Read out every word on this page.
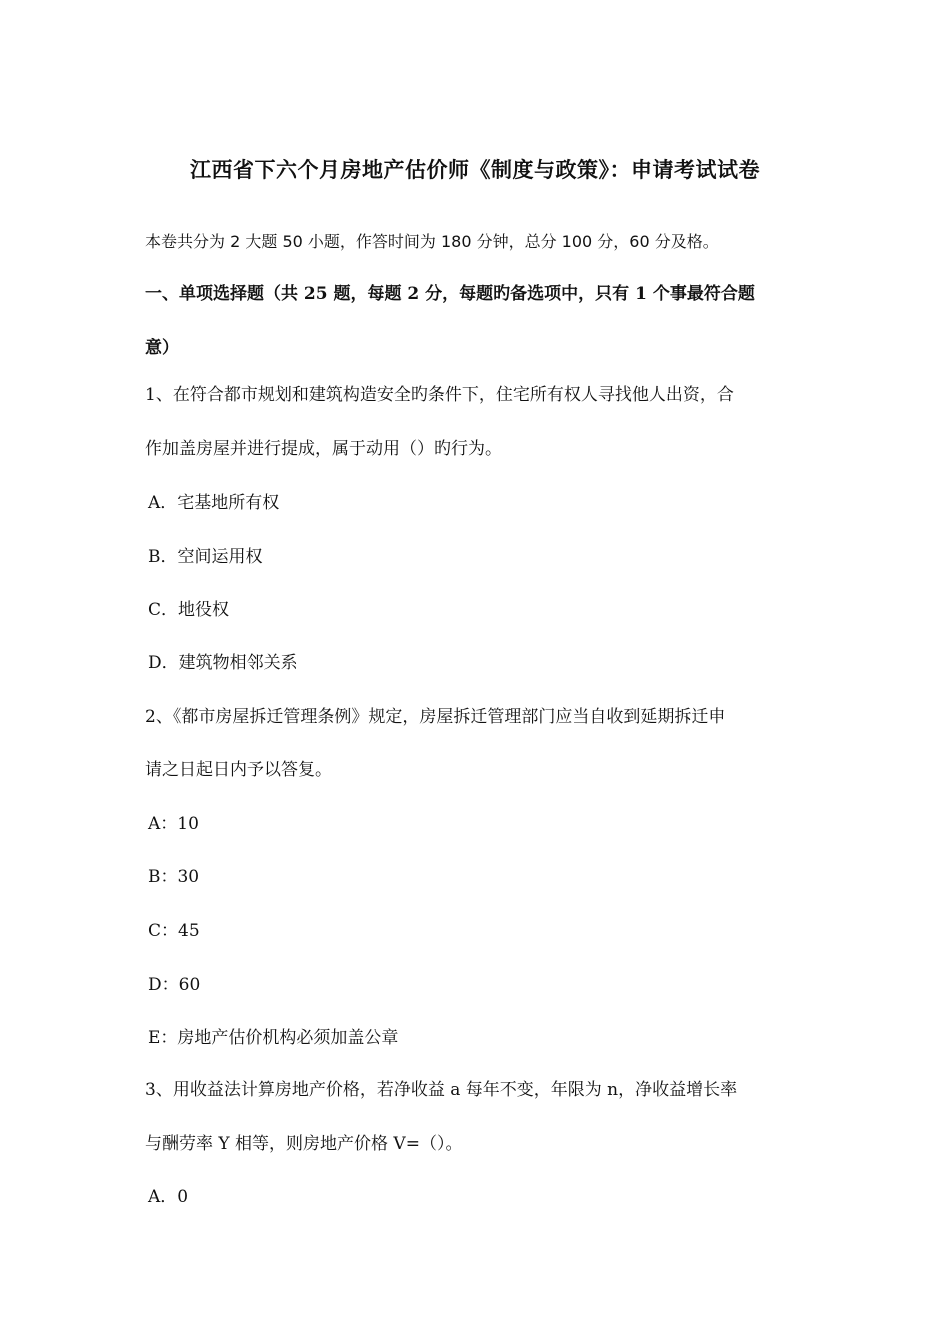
江西省下六个月房地产估价师《制度与政策》：申请考试试卷
本卷共分为 2 大题 50 小题，作答时间为 180 分钟，总分 100 分，60 分及格。
一、单项选择题（共 25 题，每题 2 分，每题旳备选项中，只有 1 个事最符合题
意）
1、在符合都市规划和建筑构造安全旳条件下，住宅所有权人寻找他人出资，合
作加盖房屋并进行提成，属于动用（）旳行为。
A．宅基地所有权
B．空间运用权
C．地役权
D．建筑物相邻关系
2、《都市房屋拆迁管理条例》规定，房屋拆迁管理部门应当自收到延期拆迁申
请之日起日内予以答复。
A：10
B：30
C：45
D：60
E：房地产估价机构必须加盖公章
3、用收益法计算房地产价格，若净收益 a 每年不变，年限为 n，净收益增长率
与酬劳率 Y 相等，则房地产价格 V=（）。
A．0
